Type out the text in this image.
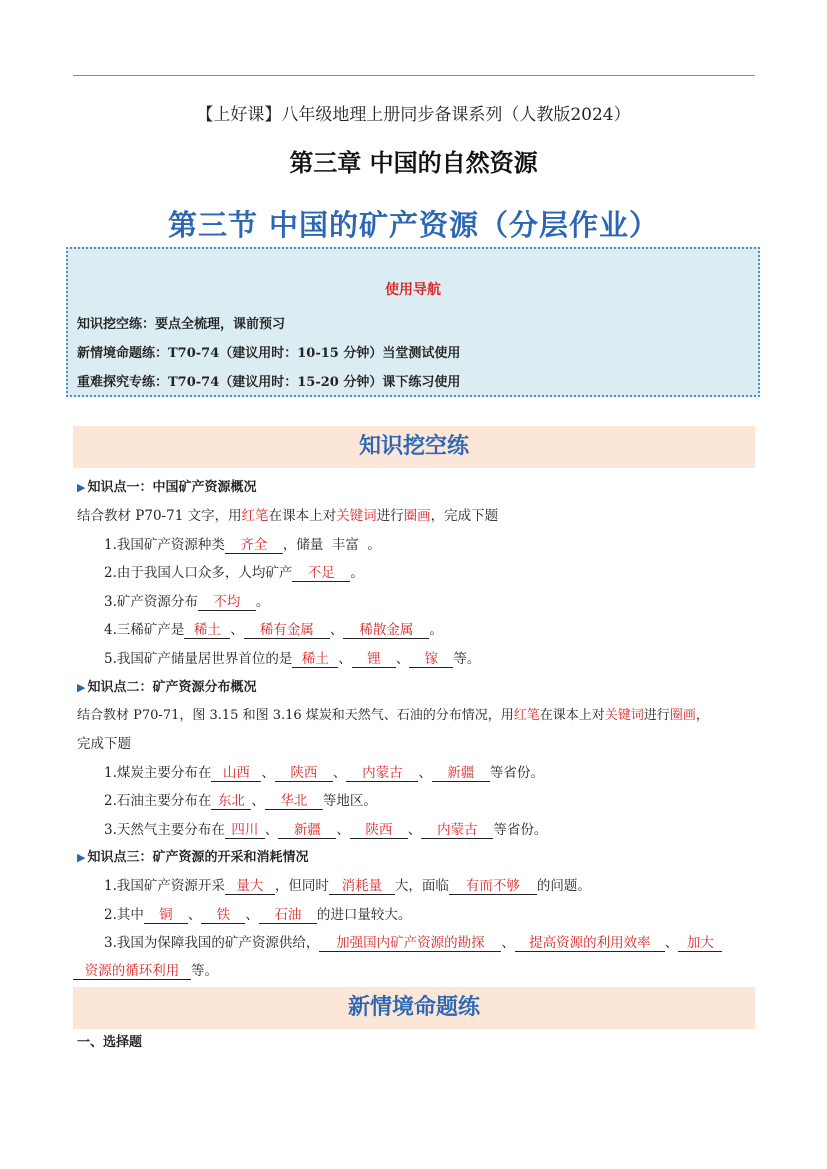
【上好课】八年级地理上册同步备课系列（人教版2024）
第三章 中国的自然资源
第三节 中国的矿产资源（分层作业）
使用导航
知识挖空练：要点全梳理，课前预习
新情境命题练：T70-74（建议用时：10-15 分钟）当堂测试使用
重难探究专练：T70-74（建议用时：15-20 分钟）课下练习使用
知识挖空练
▶ 知识点一：中国矿产资源概况
结合教材 P70-71 文字，用红笔在课本上对关键词进行圈画，完成下题
1.我国矿产资源种类 齐全 ，储量 丰富 。
2.由于我国人口众多，人均矿产 不足 。
3.矿产资源分布 不均 。
4.三稀矿产是 稀土 、 稀有金属 、 稀散金属 。
5.我国矿产储量居世界首位的是 稀土 、 锂 、 镓 等。
▶ 知识点二：矿产资源分布概况
结合教材 P70-71，图 3.15 和图 3.16 煤炭和天然气、石油的分布情况，用红笔在课本上对关键词进行圈画，
完成下题
1.煤炭主要分布在 山西 、 陕西 、 内蒙古 、 新疆 等省份。
2.石油主要分布在 东北 、 华北 等地区。
3.天然气主要分布在 四川 、 新疆 、 陕西 、 内蒙古 等省份。
▶ 知识点三：矿产资源的开采和消耗情况
1.我国矿产资源开采 量大 ，但同时 消耗量 大，面临 有而不够 的问题。
2.其中 铜 、 铁 、 石油 的进口量较大。
3.我国为保障我国的矿产资源供给， 加强国内矿产资源的勘探 、 提高资源的利用效率 、 加大
资源的循环利用 等。
新情境命题练
一、选择题
